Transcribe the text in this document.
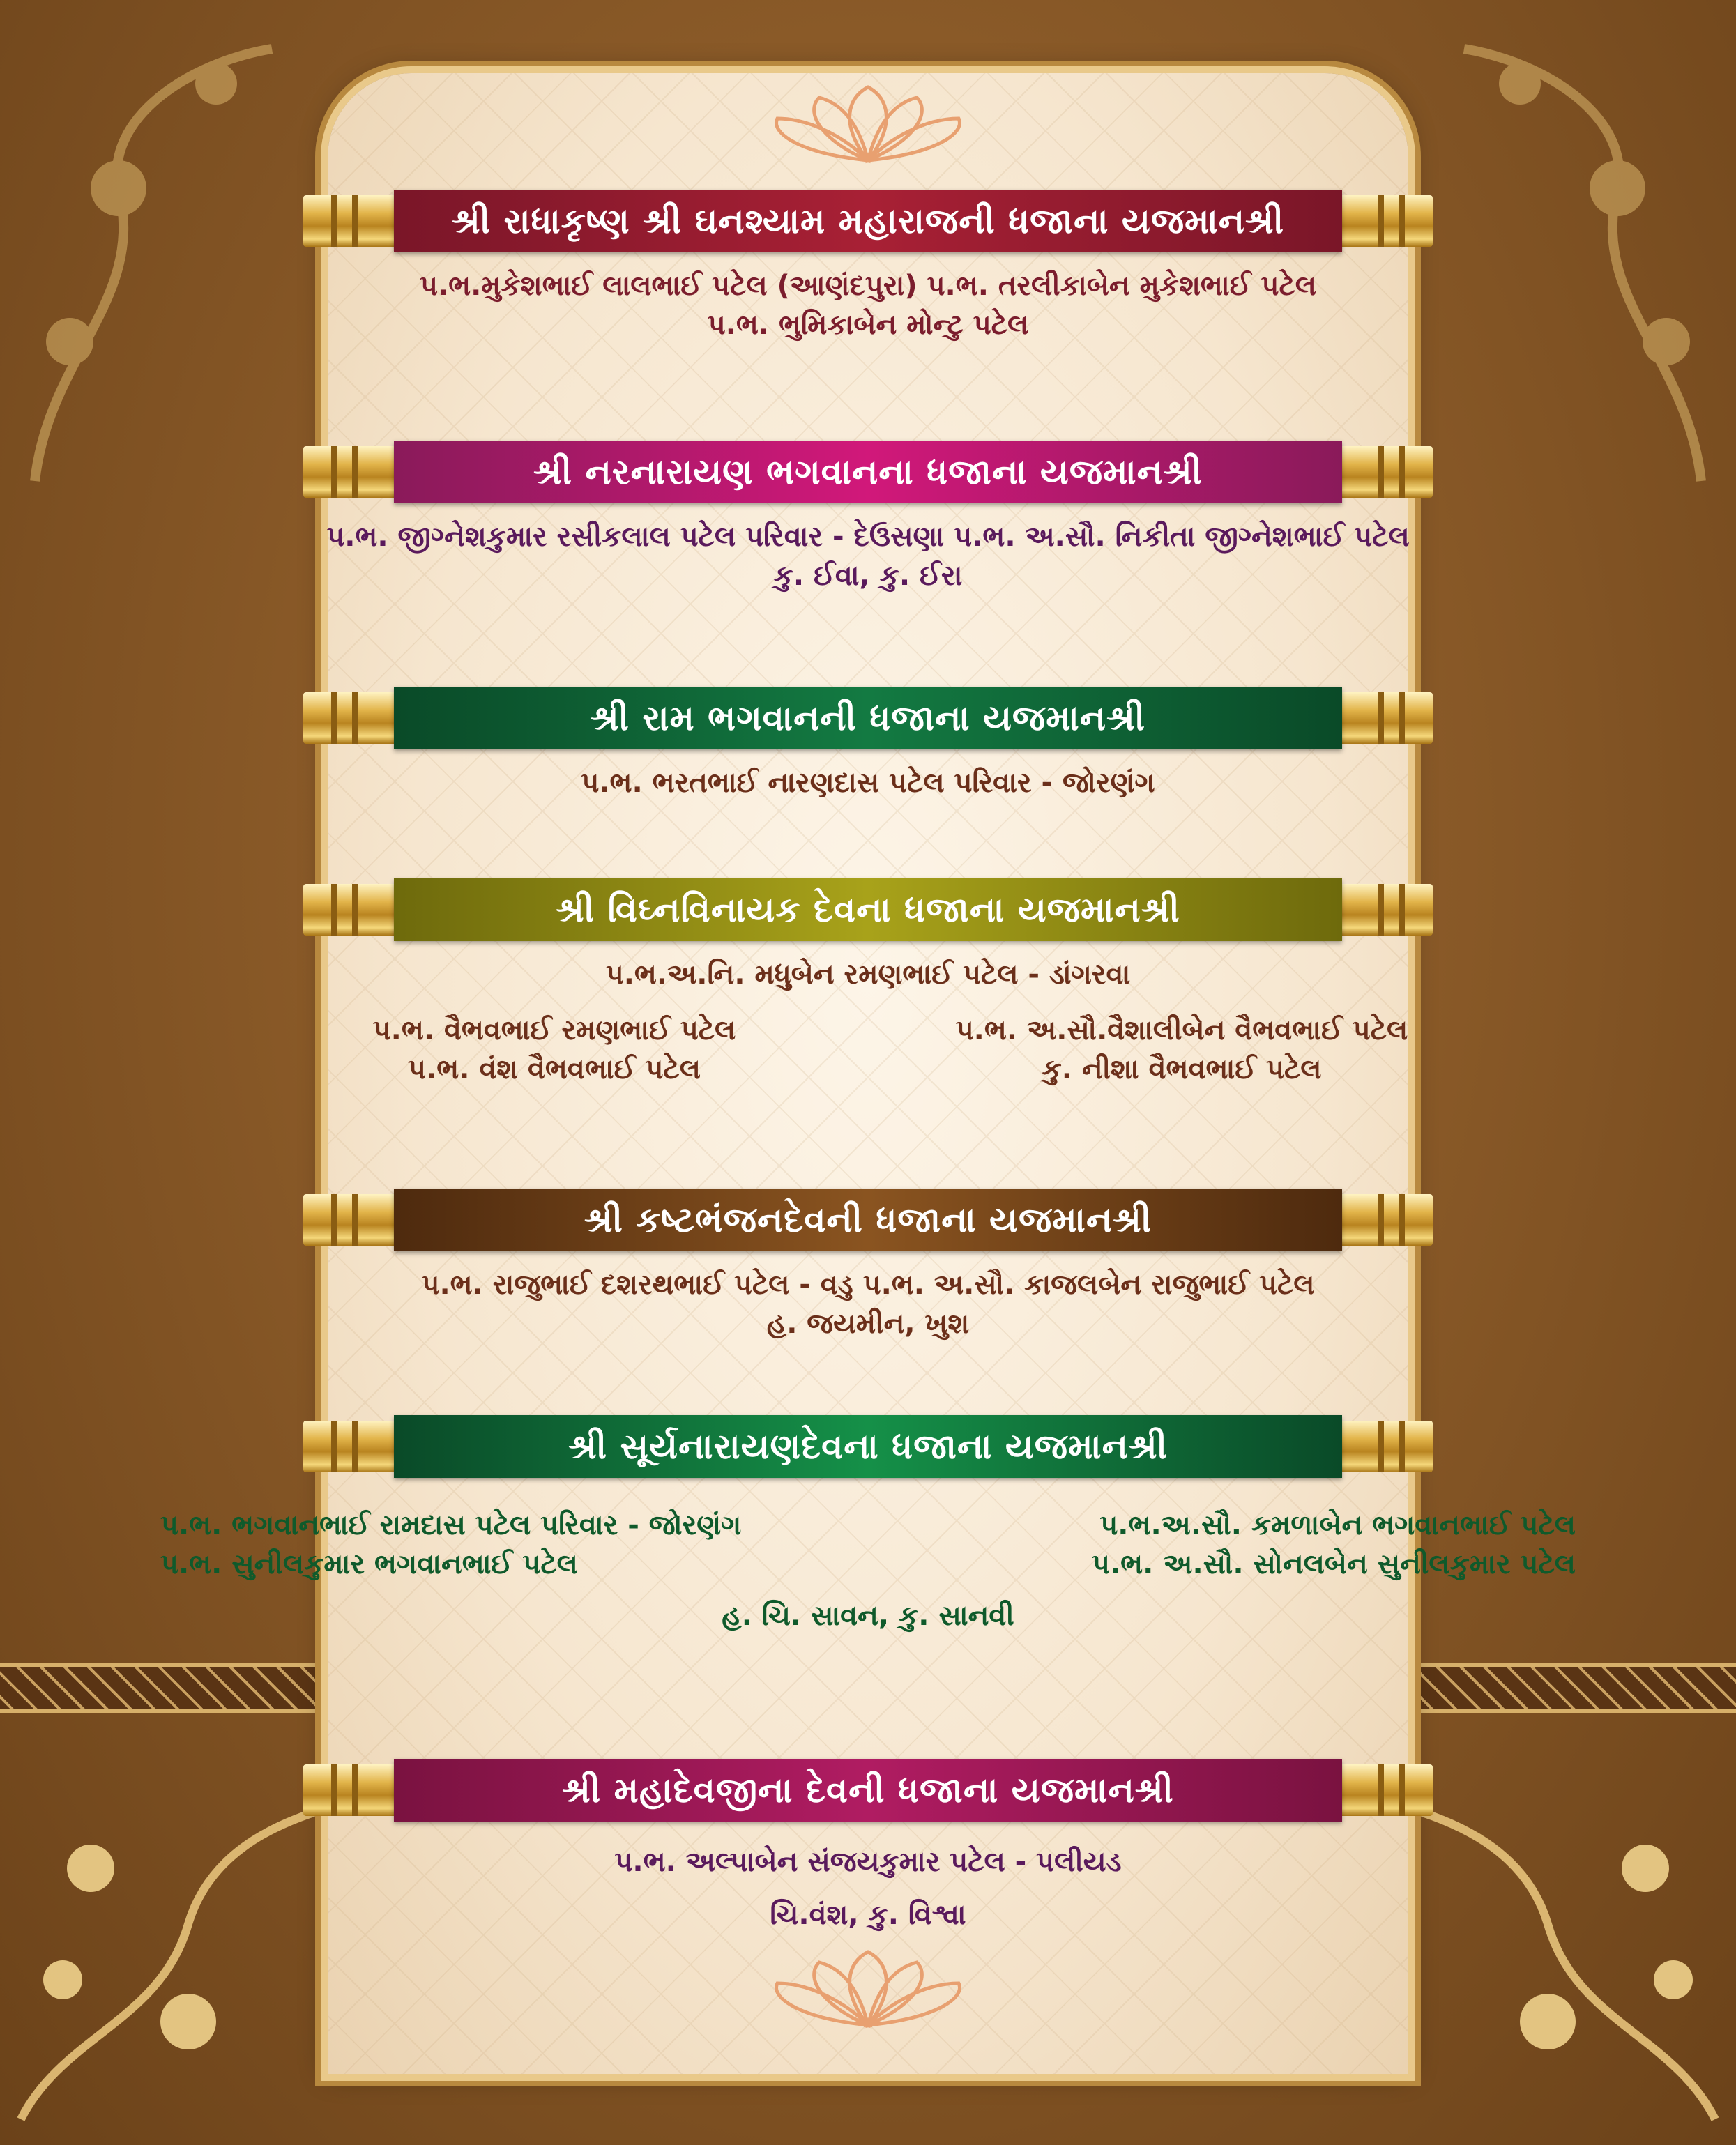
શ્રી રાધાકૃષ્ણ શ્રી ઘનશ્યામ મહારાજની ધજાના યજમાનશ્રી
પ.ભ.મુકેશભાઈ લાલભાઈ પટેલ (આણંદપુરા) પ.ભ. તરલીકાબેન મુકેશભાઈ પટેલ
પ.ભ. ભુમિકાબેન મોન્ટુ પટેલ
શ્રી નરનારાયણ ભગવાનના ધજાના યજમાનશ્રી
પ.ભ. જીગ્નેશકુમાર રસીકલાલ પટેલ પરિવાર - દેઉસણા પ.ભ. અ.સૌ. નિકીતા જીગ્નેશભાઈ પટેલ
કુ. ઈવા, કુ. ઈરા
શ્રી રામ ભગવાનની ધજાના યજમાનશ્રી
પ.ભ. ભરતભાઈ નારણદાસ પટેલ પરિવાર - જોરણંગ
શ્રી વિઘ્નવિનાયક દેવના ધજાના યજમાનશ્રી
પ.ભ.અ.નિ. મધુબેન રમણભાઈ પટેલ - ડાંગરવા
પ.ભ. વૈભવભાઈ રમણભાઈ પટેલ	પ.ભ. અ.સૌ.વૈશાલીબેન વૈભવભાઈ પટેલ
પ.ભ. વંશ વૈભવભાઈ પટેલ	કુ. નીશા વૈભવભાઈ પટેલ
શ્રી કષ્ટભંજનદેવની ધજાના યજમાનશ્રી
પ.ભ. રાજુભાઈ દશરથભાઈ પટેલ - વડુ પ.ભ. અ.સૌ. કાજલબેન રાજુભાઈ પટેલ
હ. જયમીન, ખુશ
શ્રી સૂર્યનારાયણદેવના ધજાના યજમાનશ્રી
પ.ભ. ભગવાનભાઈ રામદાસ પટેલ પરિવાર - જોરણંગ	પ.ભ.અ.સૌ. કમળાબેન ભગવાનભાઈ પટેલ
પ.ભ. સુનીલકુમાર ભગવાનભાઈ પટેલ	પ.ભ. અ.સૌ. સોનલબેન સુનીલકુમાર પટેલ
હ. ચિ. સાવન, કુ. સાનવી
શ્રી મહાદેવજીના દેવની ધજાના યજમાનશ્રી
પ.ભ. અલ્પાબેન સંજયકુમાર પટેલ - પલીયડ
ચિ.વંશ, કુ. વિશ્વા
